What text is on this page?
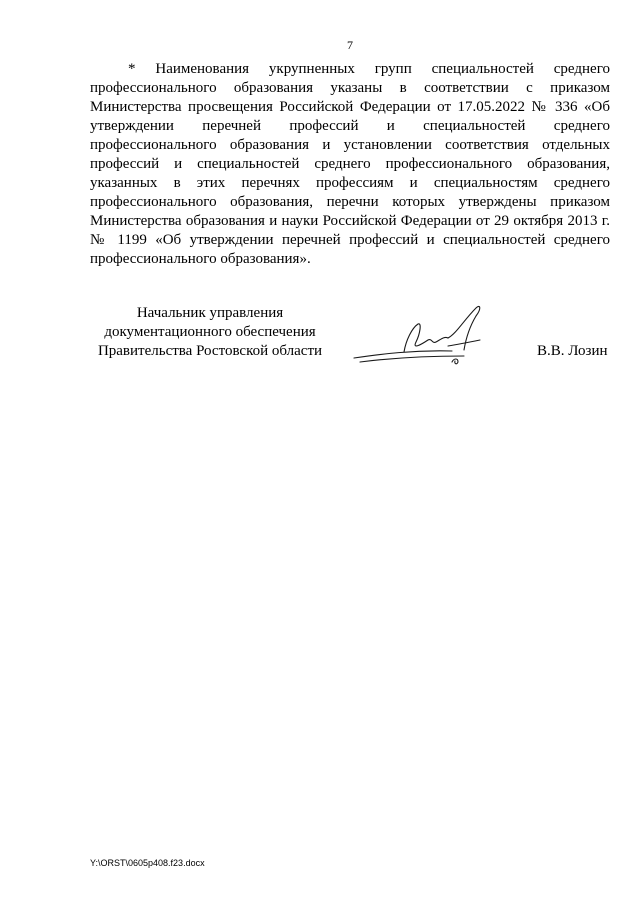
7

* Наименования укрупненных групп специальностей среднего профессионального образования указаны в соответствии с приказом Министерства просвещения Российской Федерации от 17.05.2022 № 336 «Об утверждении перечней профессий и специальностей среднего профессионального образования и установлении соответствия отдельных профессий и специальностей среднего профессионального образования, указанных в этих перечнях профессиям и специальностям среднего профессионального образования, перечни которых утверждены приказом Министерства образования и науки Российской Федерации от 29 октября 2013 г. № 1199 «Об утверждении перечней профессий и специальностей среднего профессионального образования».

Начальник управления
документационного обеспечения
Правительства Ростовской области	В.В. Лозин
Y:\ORST\0605p408.f23.docx
